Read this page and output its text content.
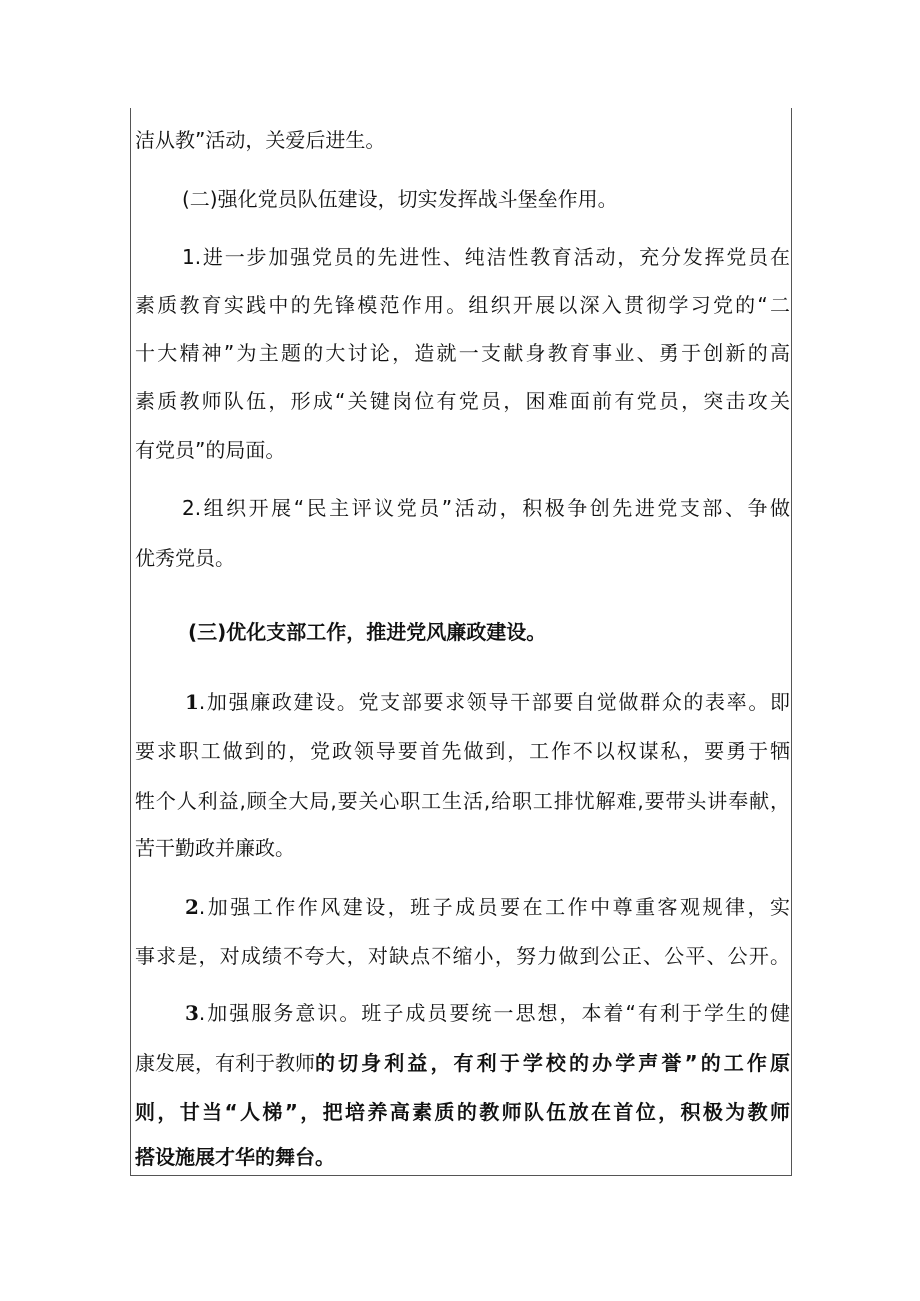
洁从教”活动，关爱后进生。

(二)强化党员队伍建设，切实发挥战斗堡垒作用。

1.进一步加强党员的先进性、纯洁性教育活动，充分发挥党员在

素质教育实践中的先锋模范作用。组织开展以深入贯彻学习党的“二

十大精神”为主题的大讨论，造就一支献身教育事业、勇于创新的高

素质教师队伍，形成“关键岗位有党员，困难面前有党员，突击攻关

有党员”的局面。

2.组织开展“民主评议党员”活动，积极争创先进党支部、争做

优秀党员。

(三)优化支部工作，推进党风廉政建设。

1 .加强廉政建设。党支部要求领导干部要自觉做群众的表率。即

要求职工做到的，党政领导要首先做到，工作不以权谋私，要勇于牺

牲个人利益,顾全大局,要关心职工生活,给职工排忧解难,要带头讲奉献，

苦干勤政并廉政。

2 .加强工作作风建设，班子成员要在工作中尊重客观规律，实

事求是，对成绩不夸大，对缺点不缩小，努力做到公正、公平、公开。

3 .加强服务意识。班子成员要统一思想，本着“有利于学生的健

康发展，有利于教师 的切身利益，有利于学校的办学声誉”的工作原

则，甘当“人梯”，把培养高素质的教师队伍放在首位，积极为教师

搭设施展才华的舞台。
